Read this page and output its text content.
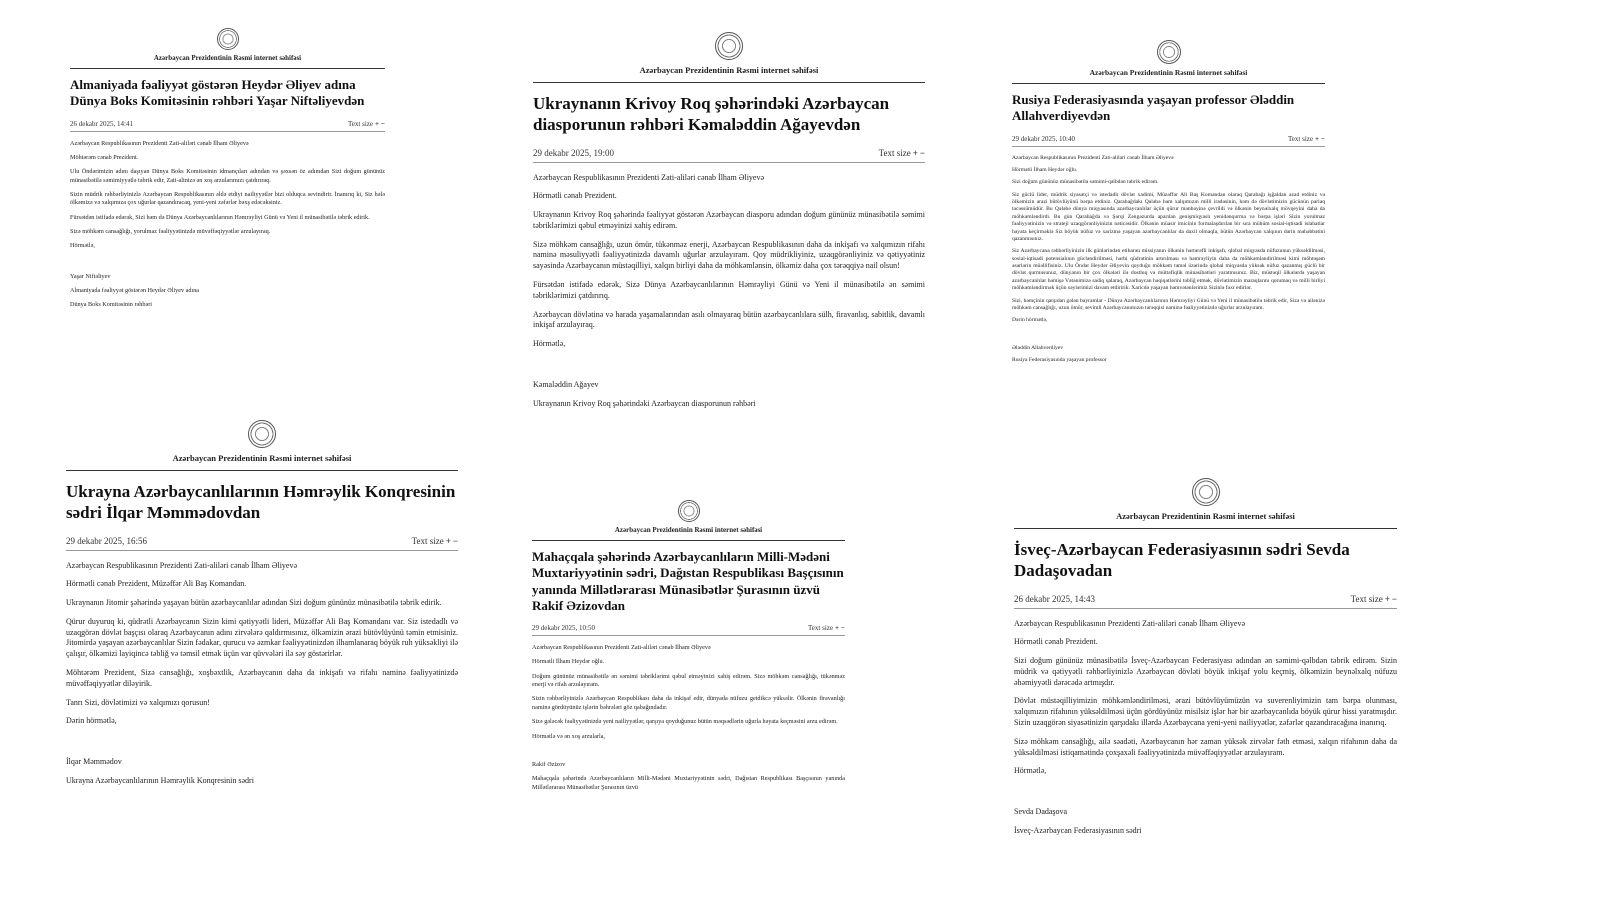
Azərbaycan Prezidentinin Rəsmi internet səhifəsi
Almaniyada fəaliyyət göstərən Heydər Əliyev adına Dünya Boks Komitəsinin rəhbəri Yaşar Niftəliyevdən
26 dekabr 2025, 14:41	Text size + −

Azərbaycan Respublikasının Prezidenti Zati-aliləri cənab İlham Əliyevə

Möhtərəm cənab Prezident.

Ulu Öndərimizin adını daşıyan Dünya Boks Komitəsinin idmançıları adından və şəxsən öz adımdan Sizi doğum gününüz münasibətilə səmimiyyətlə təbrik edir, Zati-alinizə ən xoş arzularımızı çatdırıraq.

Sizin müdrik rəhbərliyinizlə Azərbaycan Respublikasının əldə etdiyi nailiyyətlər bizi olduqca sevindirir. İnanırıq ki, Siz hələ ölkəmizə və xalqımıza çox uğurlar qazandıracaq, yeni-yeni zəfərlər bəxş edəcəksiniz.

Fürsətdən istifadə edərək, Sizi həm də Dünya Azərbaycanlılarının Həmrəyliyi Günü və Yeni il münasibətilə təbrik edirik.

Sizə möhkəm cansağlığı, yorulmaz fəaliyyətinizdə müvəffəqiyyətlər arzulayıraq.

Hörmətlə,

Yaşar Niftəliyev

Almaniyada fəaliyyət göstərən Heydər Əliyev adına

Dünya Boks Komitəsinin rəhbəri

Azərbaycan Prezidentinin Rəsmi internet səhifəsi
Ukraynanın Krivoy Roq şəhərindəki Azərbaycan diasporunun rəhbəri Kəmaləddin Ağayevdən
29 dekabr 2025, 19:00	Text size + −

Azərbaycan Respublikasının Prezidenti Zati-aliləri cənab İlham Əliyevə

Hörmətli cənab Prezident.

Ukraynanın Krivoy Roq şəhərində fəaliyyət göstərən Azərbaycan diasporu adından doğum gününüz münasibətilə səmimi təbriklərimizi qəbul etməyinizi xahiş edirəm.

Sizə möhkəm cansağlığı, uzun ömür, tükənməz enerji, Azərbaycan Respublikasının daha da inkişafı və xalqımızın rifahı naminə məsuliyyətli fəaliyyətinizdə davamlı uğurlar arzulayıram. Qoy müdrikliyiniz, uzaqgörənliyiniz və qətiyyətiniz sayəsində Azərbaycanın müstəqilliyi, xalqın birliyi daha da möhkəmlənsin, ölkəmiz daha çox tərəqqiyə nail olsun!

Fürsətdən istifadə edərək, Sizə Dünya Azərbaycanlılarının Həmrəyliyi Günü və Yeni il münasibətilə ən səmimi təbriklərimizi çatdırırıq.

Azərbaycan dövlətinə və harada yaşamalarından asılı olmayaraq bütün azərbaycanlılara sülh, firavanlıq, sabitlik, davamlı inkişaf arzulayıraq.

Hörmətlə,

Kəmaləddin Ağayev

Ukraynanın Krivoy Roq şəhərindəki Azərbaycan diasporunun rəhbəri

Azərbaycan Prezidentinin Rəsmi internet səhifəsi
Rusiya Federasiyasında yaşayan professor Ələddin Allahverdiyevdən
29 dekabr 2025, 10:40	Text size + −

Azərbaycan Respublikasının Prezidenti Zati-aliləri cənab İlham Əliyevə

Hörmətli İlham Heydər oğlu.

Sizi doğum gününüz münasibətilə səmimi-qəlbdən təbrik edirəm.

Siz güclü lider, müdrik siyasətçi və istedadlı dövlət xadimi, Müzəffər Ali Baş Komandan olaraq Qarabağı işğaldan azad etdiniz və ölkəmizin ərazi bütövlüyünü bərpa etdiniz. Qarabağdakı Qələbə həm xalqımızın milli iradəsinin, həm də dövlətimizin gücünün parlaq təcəssümüdür. Bu Qələbə dünya miqyasında azərbaycanlılar üçün qürur mənbəyinə çevrildi və ölkənin beynəlxalq mövqeyini daha da möhkəmləndirdi. Bu gün Qarabağda və Şərqi Zəngəzurda aparılan genişmiqyaslı yenidənqurma və bərpa işləri Sizin yorulmaz fəaliyyətinizin və strateji uzaqgörənliyinizin nəticəsidir. Ölkənin müasir imicinin formalaşdırılan bir sıra mühüm sosial-iqtisadi islahatlar həyata keçirməklə Siz böyük nüfuz və xarizmə yaşayan azərbaycanlılar da daxil olmaqla, bütün Azərbaycan xalqının dərin məhəbbətini qazanmısınız.

Siz Azərbaycana rəhbərliyinizin ilk günlərindən etibarən missiyanın ölkənin hərtərəfli inkişafı, qlobal miqyasda nüfuzunun yüksəldilməsi, sosial-iqtisadi potensialının gücləndirilməsi, hərbi qüdrətinin artırılması və həmrəyliyin daha da möhkəmləndirilməsi kimi möhtəşəm əsərlərin müəllifisiniz. Ulu Öndər Heydər Əliyevin qoyduğu möhkəm təməl üzərində qlobal miqyasda yüksək nüfuz qazanmış güclü bir dövlət qurmusunuz, dünyanın bir çox ölkələri ilə dostluq və müttəfiqlik münasibətləri yaratmısınız. Biz, müstəqil ölkələrdə yaşayan azərbaycanlılar həmişə Vətənimizə sadiq qalaraq, Azərbaycan həqiqətlərini təbliğ etmək, dövlətimizin maraqlarını qorumaq və milli birliyi möhkəmləndirmək üçün səylərimizi davam etdiririk. Xaricdə yaşayan həmvətənlərimiz Sizinlə fəxr edirlər.

Sizi, həmçinin qarşıdan gələn bayramlar - Dünya Azərbaycanlılarının Həmrəyliyi Günü və Yeni il münasibətilə təbrik edir, Sizə və ailənizə möhkəm cansağlığı, uzun ömür, sevimli Azərbaycanımızın tərəqqisi naminə fəaliyyətinizdə uğurlar arzulayıram.

Dərin hörmətlə,

Ələddin Allahverdiyev

Rusiya Federasiyasında yaşayan professor

Azərbaycan Prezidentinin Rəsmi internet səhifəsi
Ukrayna Azərbaycanlılarının Həmrəylik Konqresinin sədri İlqar Məmmədovdan
29 dekabr 2025, 16:56	Text size + −

Azərbaycan Respublikasının Prezidenti Zati-aliləri cənab İlham Əliyevə

Hörmətli cənab Prezident, Müzəffər Ali Baş Komandan.

Ukraynanın Jitomir şəhərində yaşayan bütün azərbaycanlılar adından Sizi doğum gününüz münasibətilə təbrik edirik.

Qürur duyuruq ki, qüdrətli Azərbaycanın Sizin kimi qətiyyətli lideri, Müzəffər Ali Baş Komandanı var. Siz istedadlı və uzaqgörən dövlət başçısı olaraq Azərbaycanın adını zirvələrə qaldırmısınız, ölkəmizin ərazi bütövlüyünü təmin etmisiniz. Jitomirdə yaşayan azərbaycanlılar Sizin fədakar, qurucu və əzmkar fəaliyyətinizdən ilhamlanaraq böyük ruh yüksəkliyi ilə çalışır, ölkəmizi layiqincə təbliğ və təmsil etmək üçün var qüvvələri ilə səy göstərirlər.

Möhtərəm Prezident, Sizə cansağlığı, xoşbəxtlik, Azərbaycanın daha da inkişafı və rifahı naminə fəaliyyətinizdə müvəffəqiyyətlər diləyirik.

Tanrı Sizi, dövlətimizi və xalqımızı qorusun!

Dərin hörmətlə,

İlqar Məmmədov

Ukrayna Azərbaycanlılarının Həmrəylik Konqresinin sədri

Azərbaycan Prezidentinin Rəsmi internet səhifəsi
Mahaçqala şəhərində Azərbaycanlıların Milli-Mədəni Muxtariyyətinin sədri, Dağıstan Respublikası Başçısının yanında Millətlərarası Münasibətlər Şurasının üzvü Rakif Əzizovdan
29 dekabr 2025, 10:50	Text size + −

Azərbaycan Respublikasının Prezidenti Zati-aliləri cənab İlham Əliyevə

Hörmətli İlham Heydər oğlu.

Doğum gününüz münasibətilə ən səmimi təbriklərimi qəbul etməyinizi xahiş edirəm. Sizə möhkəm cansağlığı, tükənməz enerji və rifah arzulayıram.

Sizin rəhbərliyinizlə Azərbaycan Respublikası daha da inkişaf edir, dünyada nüfuzu getdikcə yüksəlir. Ölkənin firavanlığı naminə gördüyünüz işlərin bəhrələri göz qabağındadır.

Sizə gələcək fəaliyyətinizdə yeni nailiyyətlər, qarşıya qoyduğunuz bütün məqsədlərin uğurla həyata keçməsini arzu edirəm.

Hörmətlə və ən xoş arzularla,

Rakif Əzizov

Mahaçqala şəhərində Azərbaycanlıların Milli-Mədəni Muxtariyyətinin sədri, Dağıstan Respublikası Başçısının yanında Millətlərarası Münasibətlər Şurasının üzvü

Azərbaycan Prezidentinin Rəsmi internet səhifəsi
İsveç-Azərbaycan Federasiyasının sədri Sevda Dadaşovadan
26 dekabr 2025, 14:43	Text size + −

Azərbaycan Respublikasının Prezidenti Zati-aliləri cənab İlham Əliyevə

Hörmətli cənab Prezident.

Sizi doğum gününüz münasibətilə İsveç-Azərbaycan Federasiyası adından ən səmimi-qəlbdən təbrik edirəm. Sizin müdrik və qətiyyətli rəhbərliyinizlə Azərbaycan dövləti böyük inkişaf yolu keçmiş, ölkəmizin beynəlxalq nüfuzu əhəmiyyətli dərəcədə artmışdır.

Dövlət müstəqilliyimizin möhkəmləndirilməsi, ərazi bütövlüyümüzün və suverenliyimizin tam bərpa olunması, xalqımızın rifahının yüksəldilməsi üçün gördüyünüz misilsiz işlər hər bir azərbaycanlıda böyük qürur hissi yaratmışdır. Sizin uzaqgörən siyasətinizin qarşıdakı illərdə Azərbaycana yeni-yeni nailiyyətlər, zəfərlər qazandıracağına inanırıq.

Sizə möhkəm cansağlığı, ailə səadəti, Azərbaycanın hər zaman yüksək zirvələr fəth etməsi, xalqın rifahının daha da yüksəldilməsi istiqamətində çoxşaxəli fəaliyyətinizdə müvəffəqiyyətlər arzulayıram.

Hörmətlə,

Sevda Dadaşova

İsveç-Azərbaycan Federasiyasının sədri
